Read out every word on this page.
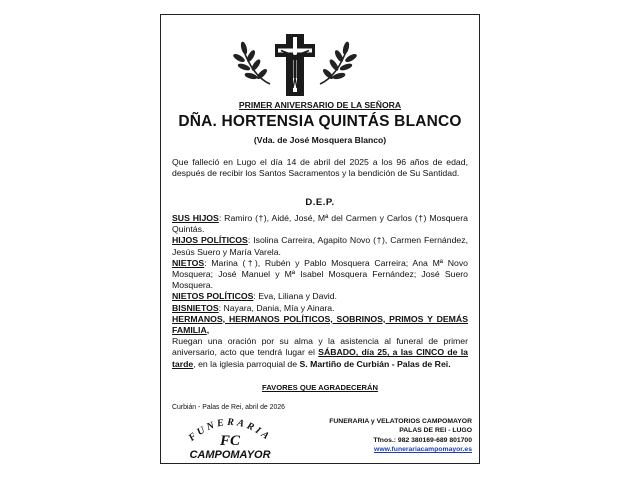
PRIMER ANIVERSARIO DE LA SEÑORA
DÑA. HORTENSIA QUINTÁS BLANCO
(Vda. de José Mosquera Blanco)
Que falleció en Lugo el día 14 de abril del 2025 a los 96 años de edad, después de recibir los Santos Sacramentos y la bendición de Su Santidad.
D.E.P.

SUS HIJOS: Ramiro (†), Aidé, José, Mª del Carmen y Carlos (†) Mosquera Quintás.

HIJOS POLÍTICOS: Isolina Carreira, Agapito Novo (†), Carmen Fernández, Jesús Suero y María Varela.

NIETOS: Marina (†), Rubén y Pablo Mosquera Carreira; Ana Mª Novo Mosquera; José Manuel y Mª Isabel Mosquera Fernández; José Suero Mosquera.

NIETOS POLÍTICOS: Eva, Liliana y David.

BISNIETOS: Nayara, Dania, Mía y Ainara.

HERMANOS, HERMANOS POLÍTICOS, SOBRINOS, PRIMOS Y DEMÁS FAMILIA,

Ruegan una oración por su alma y la asistencia al funeral de primer aniversario, acto que tendrá lugar el SÁBADO, día 25, a las CINCO de la tarde, en la iglesia parroquial de S. Martiño de Curbián - Palas de Rei.

FAVORES QUE AGRADECERÁN
Curbián - Palas de Rei, abril de 2026
FUNERARIA
FC
CAMPOMAYOR
FUNERARIA y VELATORIOS CAMPOMAYOR
PALAS DE REI - LUGO
Tfnos.: 982 380169-689 801700
www.funerariacampomayor.es
